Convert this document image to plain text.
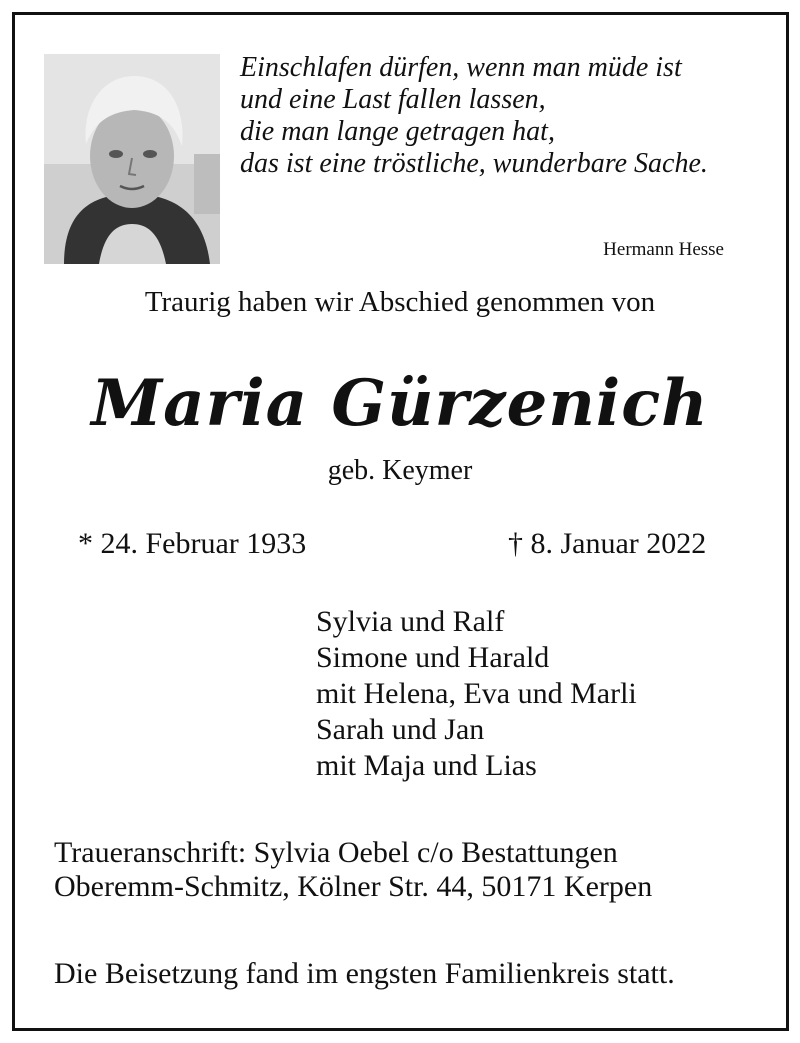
Einschlafen dürfen, wenn man müde ist
und eine Last fallen lassen,
die man lange getragen hat,
das ist eine tröstliche, wunderbare Sache.
Hermann Hesse
Traurig haben wir Abschied genommen von
Maria Gürzenich
geb. Keymer
* 24. Februar 1933	† 8. Januar 2022
Sylvia und Ralf
Simone und Harald
mit Helena, Eva und Marli
Sarah und Jan
mit Maja und Lias
Traueranschrift: Sylvia Oebel c/o Bestattungen
Oberemm-Schmitz, Kölner Str. 44, 50171 Kerpen
Die Beisetzung fand im engsten Familienkreis statt.
